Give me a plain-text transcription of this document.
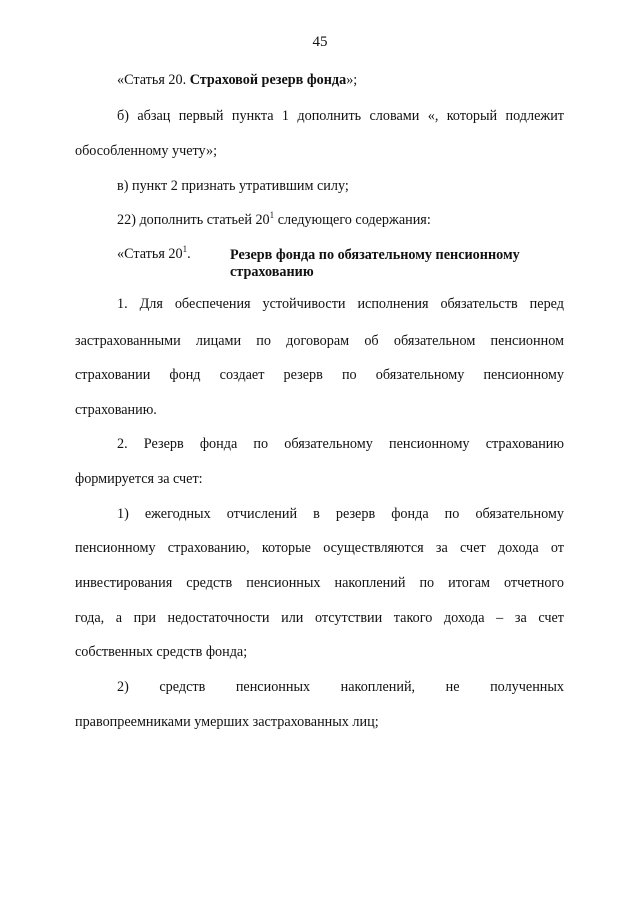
45
«Статья 20. Страховой резерв фонда»;
б) абзац первый пункта 1 дополнить словами «, который подлежит
обособленному учету»;
в) пункт 2 признать утратившим силу;
22) дополнить статьей $20^1$ следующего содержания:
«Статья $20^1$.	Резерв фонда по обязательному пенсионному страхованию
1. Для обеспечения устойчивости исполнения обязательств перед
застрахованными лицами по договорам об обязательном пенсионном
страховании фонд создает резерв по обязательному пенсионному
страхованию.
2. Резерв фонда по обязательному пенсионному страхованию
формируется за счет:
1) ежегодных отчислений в резерв фонда по обязательному
пенсионному страхованию, которые осуществляются за счет дохода от
инвестирования средств пенсионных накоплений по итогам отчетного
года, а при недостаточности или отсутствии такого дохода – за счет
собственных средств фонда;
2) средств пенсионных накоплений, не полученных
правопреемниками умерших застрахованных лиц;
